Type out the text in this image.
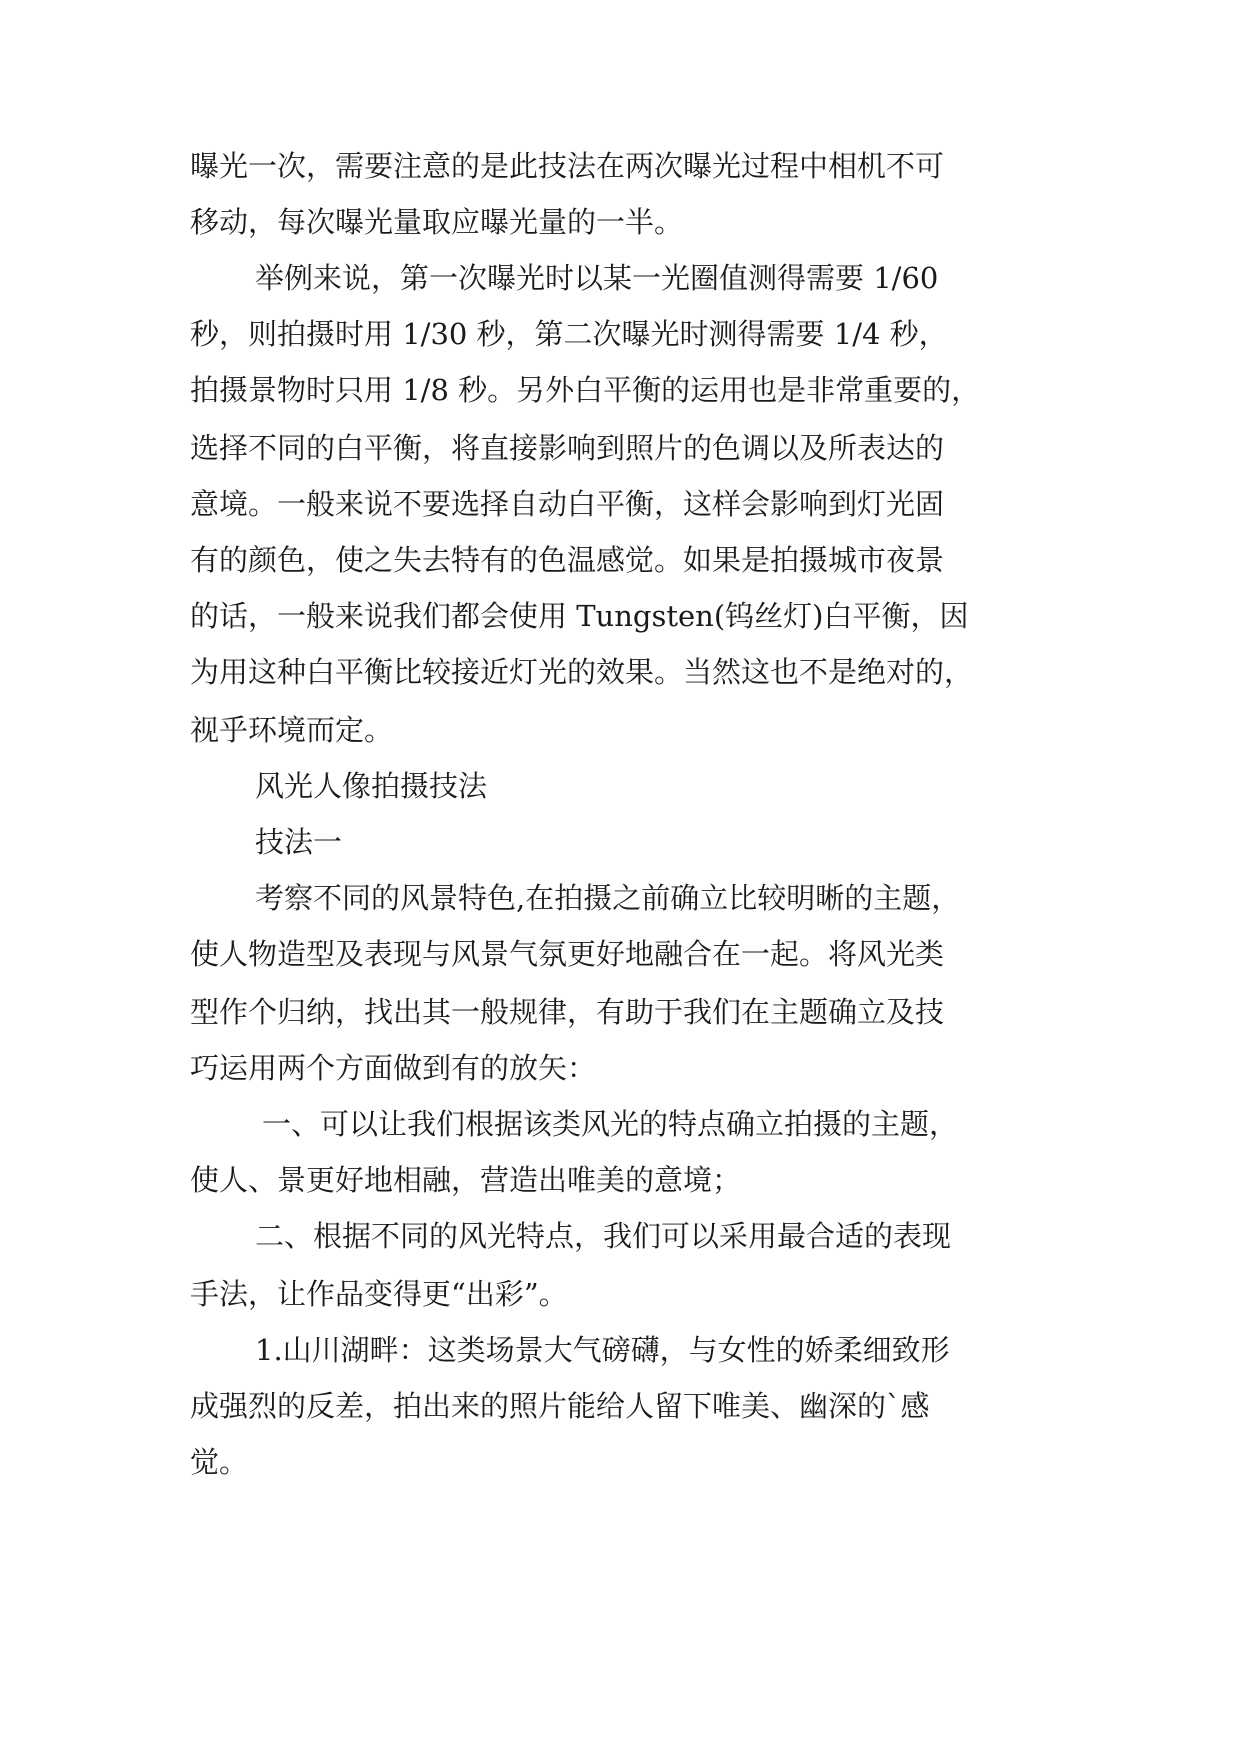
曝光一次，需要注意的是此技法在两次曝光过程中相机不可
移动，每次曝光量取应曝光量的一半。
举例来说，第一次曝光时以某一光圈值测得需要 1/60
秒，则拍摄时用 1/30 秒，第二次曝光时测得需要 1/4 秒，
拍摄景物时只用 1/8 秒。另外白平衡的运用也是非常重要的，
选择不同的白平衡，将直接影响到照片的色调以及所表达的
意境。一般来说不要选择自动白平衡，这样会影响到灯光固
有的颜色，使之失去特有的色温感觉。如果是拍摄城市夜景
的话，一般来说我们都会使用 Tungsten(钨丝灯)白平衡，因
为用这种白平衡比较接近灯光的效果。当然这也不是绝对的，
视乎环境而定。
风光人像拍摄技法
技法一
考察不同的风景特色,在拍摄之前确立比较明晰的主题，
使人物造型及表现与风景气氛更好地融合在一起。将风光类
型作个归纳，找出其一般规律，有助于我们在主题确立及技
巧运用两个方面做到有的放矢：
一、可以让我们根据该类风光的特点确立拍摄的主题，
使人、景更好地相融，营造出唯美的意境；
二、根据不同的风光特点，我们可以采用最合适的表现
手法，让作品变得更“出彩”。
1.山川湖畔：这类场景大气磅礴，与女性的娇柔细致形
成强烈的反差，拍出来的照片能给人留下唯美、幽深的`感
觉。
